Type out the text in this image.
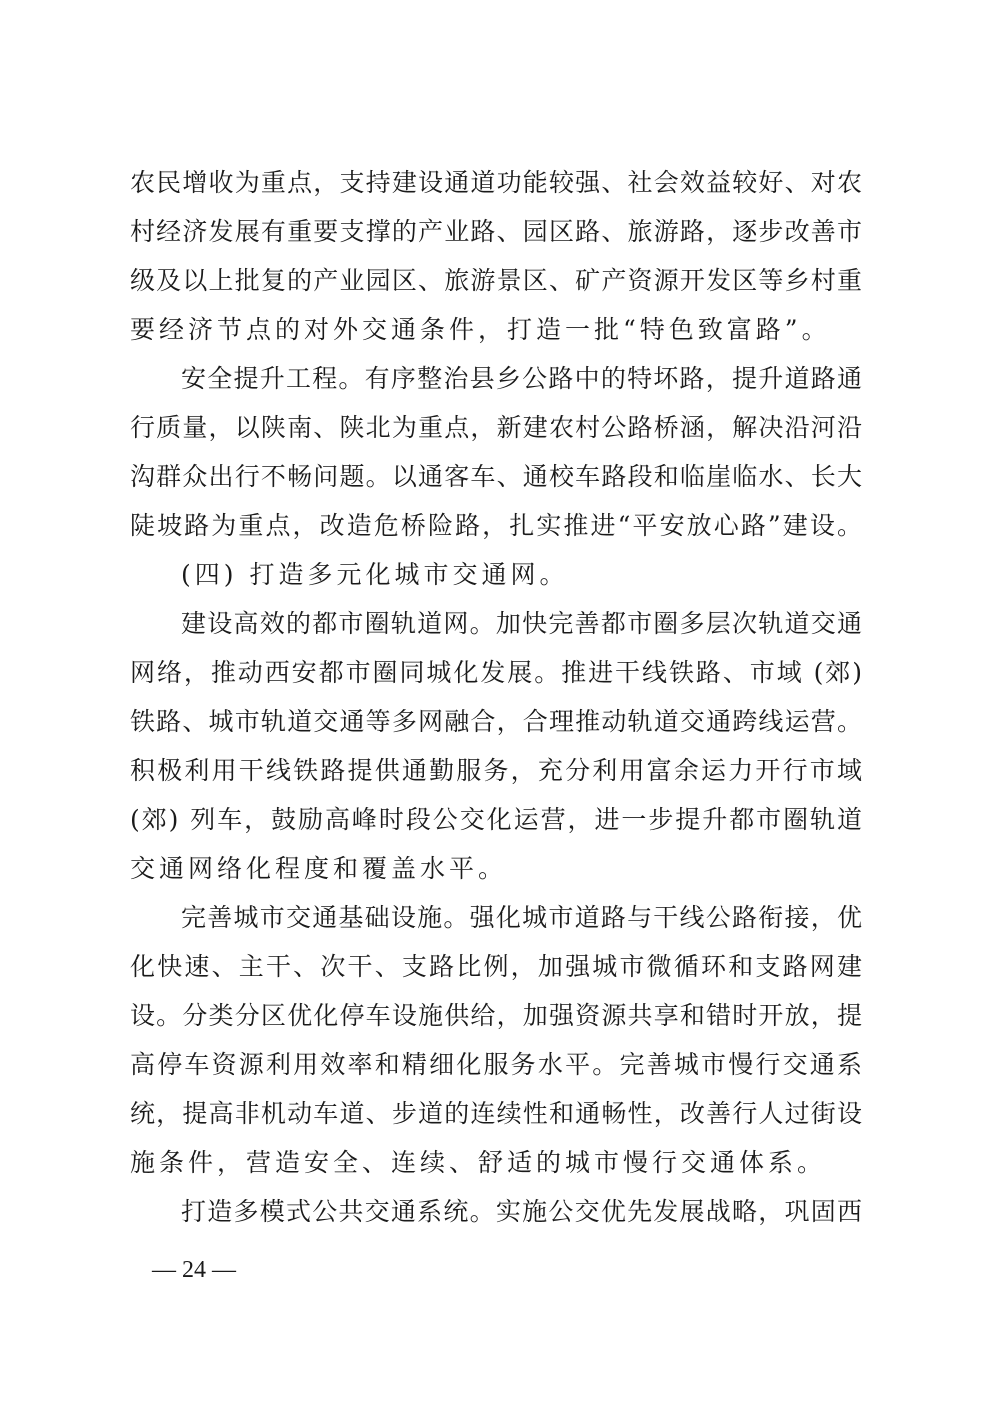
农民增收为重点，支持建设通道功能较强、社会效益较好、对农
村经济发展有重要支撑的产业路、园区路、旅游路，逐步改善市
级及以上批复的产业园区、旅游景区、矿产资源开发区等乡村重
要经济节点的对外交通条件，打造一批“特色致富路”。
安全提升工程。有序整治县乡公路中的特坏路，提升道路通
行质量，以陕南、陕北为重点，新建农村公路桥涵，解决沿河沿
沟群众出行不畅问题。以通客车、通校车路段和临崖临水、长大
陡坡路为重点，改造危桥险路，扎实推进“平安放心路”建设。
(四) 打造多元化城市交通网。
建设高效的都市圈轨道网。加快完善都市圈多层次轨道交通
网络，推动西安都市圈同城化发展。推进干线铁路、市域 (郊)
铁路、城市轨道交通等多网融合，合理推动轨道交通跨线运营。
积极利用干线铁路提供通勤服务，充分利用富余运力开行市域
(郊) 列车，鼓励高峰时段公交化运营，进一步提升都市圈轨道
交通网络化程度和覆盖水平。
完善城市交通基础设施。强化城市道路与干线公路衔接，优
化快速、主干、次干、支路比例，加强城市微循环和支路网建
设。分类分区优化停车设施供给，加强资源共享和错时开放，提
高停车资源利用效率和精细化服务水平。完善城市慢行交通系
统，提高非机动车道、步道的连续性和通畅性，改善行人过街设
施条件，营造安全、连续、舒适的城市慢行交通体系。
打造多模式公共交通系统。实施公交优先发展战略，巩固西
— 24 —
